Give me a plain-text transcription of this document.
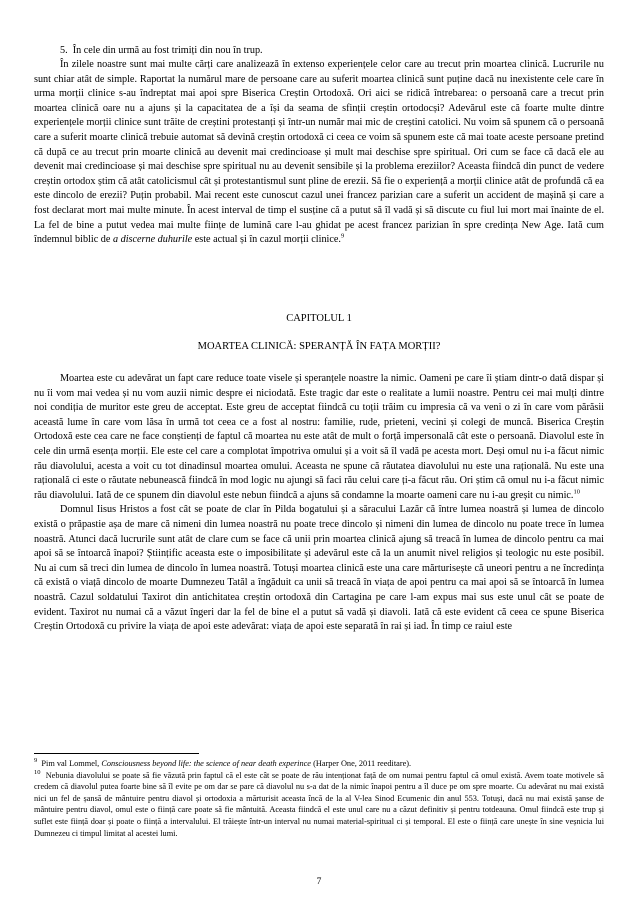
5.  În cele din urmă au fost trimiți din nou în trup.

În zilele noastre sunt mai multe cărți care analizează în extenso experiențele celor care au trecut prin moartea clinică. Lucrurile nu sunt chiar atât de simple. Raportat la numărul mare de persoane care au suferit moartea clinică sunt puține dacă nu inexistente cele care în urma morții clinice s-au îndreptat mai apoi spre Biserica Creștin Ortodoxă. Ori aici se ridică întrebarea: o persoană care a trecut prin moartea clinică oare nu a ajuns și la capacitatea de a își da seama de sfinții creștin ortodocși? Adevărul este că foarte multe dintre experiențele morții clinice sunt trăite de creștini protestanți și într-un număr mai mic de creștini catolici. Nu voim să spunem că o persoană care a suferit moarte clinică trebuie automat să devină creștin ortodoxă ci ceea ce voim să spunem este că mai toate aceste persoane pretind că după ce au trecut prin moarte clinică au devenit mai credincioase și mult mai deschise spre spiritual. Ori cum se face că dacă ele au devenit mai credincioase și mai deschise spre spiritual nu au devenit sensibile și la problema ereziilor? Aceasta fiindcă din punct de vedere creștin ortodox știm că atât catolicismul cât și protestantismul sunt pline de erezii. Să fie o experiență a morții clinice atât de profundă că ea este dincolo de erezii? Puțin probabil. Mai recent este cunoscut cazul unei francez parizian care a suferit un accident de mașină și care a fost declarat mort mai multe minute. În acest interval de timp el susține că a putut să îl vadă și să discute cu fiul lui mort mai înainte de el. La fel de bine a putut vedea mai multe ființe de lumină care l-au ghidat pe acest francez parizian în spre credința New Age. Iată cum îndemnul biblic de a discerne duhurile este actual și în cazul morții clinice.$^9$

CAPITOLUL 1
MOARTEA CLINICĂ: SPERANȚĂ ÎN FAȚA MORȚII?

Moartea este cu adevărat un fapt care reduce toate visele și speranțele noastre la nimic. Oameni pe care îi știam dintr-o dată dispar și nu îi vom mai vedea și nu vom auzii nimic despre ei niciodată. Este tragic dar este o realitate a lumii noastre. Pentru cei mai mulți dintre noi condiția de muritor este greu de acceptat. Este greu de acceptat fiindcă cu toții trăim cu impresia că va veni o zi în care vom părăsii această lume în care vom lăsa în urmă tot ceea ce a fost al nostru: familie, rude, prieteni, vecini și colegi de muncă. Biserica Creștin Ortodoxă este cea care ne face conștienți de faptul că moartea nu este atât de mult o forță impersonală cât este o persoană. Diavolul este în cele din urmă esența morții. Ele este cel care a complotat împotriva omului și a voit să îl vadă pe acesta mort. Deși omul nu i-a făcut nimic rău diavolului, acesta a voit cu tot dinadinsul moartea omului. Aceasta ne spune că răutatea diavolului nu este una rațională. Nu este una rațională ci este o răutate nebunească fiindcă în mod logic nu ajungi să faci rău celui care ți-a făcut rău. Ori știm că omul nu i-a făcut nimic rău diavolului. Iată de ce spunem din diavolul este nebun fiindcă a ajuns să condamne la moarte oameni care nu i-au greșit cu nimic.$^{10}$

Domnul Iisus Hristos a fost cât se poate de clar în Pilda bogatului și a săracului Lazăr că între lumea noastră și lumea de dincolo există o prăpastie așa de mare că nimeni din lumea noastră nu poate trece dincolo și nimeni din lumea de dincolo nu poate trece în lumea noastră. Atunci dacă lucrurile sunt atât de clare cum se face că unii prin moartea clinică ajung să treacă în lumea de dincolo pentru ca mai apoi să se întoarcă înapoi? Științific aceasta este o imposibilitate și adevărul este că la un anumit nivel religios și teologic nu este posibil. Nu ai cum să treci din lumea de dincolo în lumea noastră. Totuși moartea clinică este una care mărturisește că uneori pentru a ne încredința că există o viață dincolo de moarte Dumnezeu Tatăl a îngăduit ca unii să treacă în viața de apoi pentru ca mai apoi să se întoarcă în lumea noastră. Cazul soldatului Taxirot din antichitatea creștin ortodoxă din Cartagina pe care l-am expus mai sus este unul cât se poate de evident. Taxirot nu numai că a văzut îngeri dar la fel de bine el a putut să vadă și diavoli. Iată că este evident că ceea ce spune Biserica Creștin Ortodoxă cu privire la viața de apoi este adevărat: viața de apoi este separată în rai și iad. În timp ce raiul este

$^9$ Pim val Lommel, Consciousness beyond life: the science of near death experince (Harper One, 2011 reeditare).

$^{10}$ Nebunia diavolului se poate să fie văzută prin faptul că el este cât se poate de rău intenționat față de om numai pentru faptul că omul există. Avem toate motivele să credem că diavolul putea foarte bine să îl evite pe om dar se pare că diavolul nu s-a dat de la nimic înapoi pentru a îl duce pe om spre moarte. Cu adevărat nu mai există nici un fel de șansă de mântuire pentru diavol și ortodoxia a mărturisit aceasta încă de la al V-lea Sinod Ecumenic din anul 553. Totuși, dacă nu mai există șanse de mântuire pentru diavol, omul este o ființă care poate să fie mântuită. Aceasta fiindcă el este unul care nu a căzut definitiv și pentru totdeauna. Omul fiindcă este trup și suflet este ființă doar și poate o ființă a intervalului. El trăiește într-un interval nu numai material-spiritual ci și temporal. El este o ființă care unește în sine veșnicia lui Dumnezeu ci timpul limitat al acestei lumi.

7
